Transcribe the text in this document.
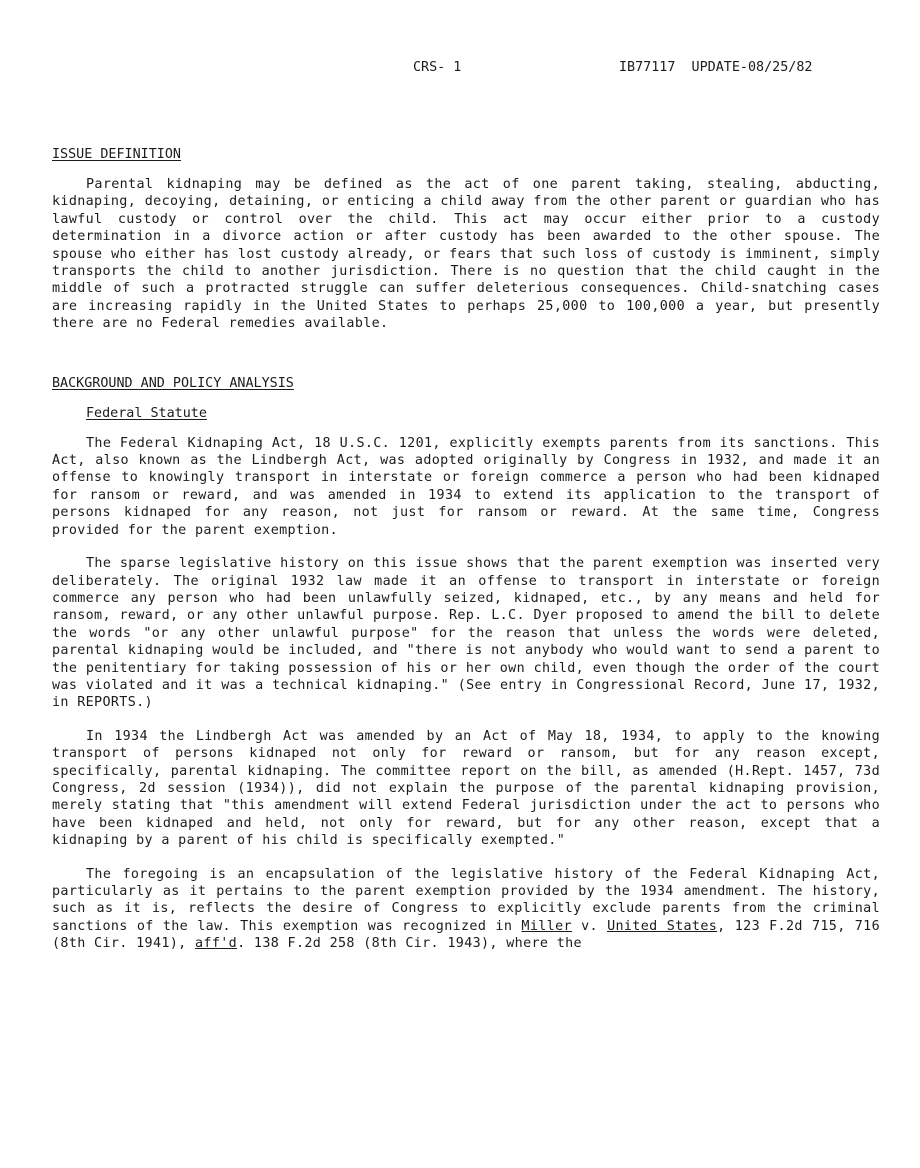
CRS- 1	IB77117  UPDATE-08/25/82
ISSUE DEFINITION

Parental kidnaping may be defined as the act of one parent taking, stealing, abducting, kidnaping, decoying, detaining, or enticing a child away from the other parent or guardian who has lawful custody or control over the child. This act may occur either prior to a custody determination in a divorce action or after custody has been awarded to the other spouse. The spouse who either has lost custody already, or fears that such loss of custody is imminent, simply transports the child to another jurisdiction. There is no question that the child caught in the middle of such a protracted struggle can suffer deleterious consequences. Child-snatching cases are increasing rapidly in the United States to perhaps 25,000 to 100,000 a year, but presently there are no Federal remedies available.

BACKGROUND AND POLICY ANALYSIS
Federal Statute

The Federal Kidnaping Act, 18 U.S.C. 1201, explicitly exempts parents from its sanctions. This Act, also known as the Lindbergh Act, was adopted originally by Congress in 1932, and made it an offense to knowingly transport in interstate or foreign commerce a person who had been kidnaped for ransom or reward, and was amended in 1934 to extend its application to the transport of persons kidnaped for any reason, not just for ransom or reward. At the same time, Congress provided for the parent exemption.

The sparse legislative history on this issue shows that the parent exemption was inserted very deliberately. The original 1932 law made it an offense to transport in interstate or foreign commerce any person who had been unlawfully seized, kidnaped, etc., by any means and held for ransom, reward, or any other unlawful purpose. Rep. L.C. Dyer proposed to amend the bill to delete the words "or any other unlawful purpose" for the reason that unless the words were deleted, parental kidnaping would be included, and "there is not anybody who would want to send a parent to the penitentiary for taking possession of his or her own child, even though the order of the court was violated and it was a technical kidnaping." (See entry in Congressional Record, June 17, 1932, in REPORTS.)

In 1934 the Lindbergh Act was amended by an Act of May 18, 1934, to apply to the knowing transport of persons kidnaped not only for reward or ransom, but for any reason except, specifically, parental kidnaping. The committee report on the bill, as amended (H.Rept. 1457, 73d Congress, 2d session (1934)), did not explain the purpose of the parental kidnaping provision, merely stating that "this amendment will extend Federal jurisdiction under the act to persons who have been kidnaped and held, not only for reward, but for any other reason, except that a kidnaping by a parent of his child is specifically exempted."

The foregoing is an encapsulation of the legislative history of the Federal Kidnaping Act, particularly as it pertains to the parent exemption provided by the 1934 amendment. The history, such as it is, reflects the desire of Congress to explicitly exclude parents from the criminal sanctions of the law. This exemption was recognized in Miller v. United States, 123 F.2d 715, 716 (8th Cir. 1941), aff'd. 138 F.2d 258 (8th Cir. 1943), where the
